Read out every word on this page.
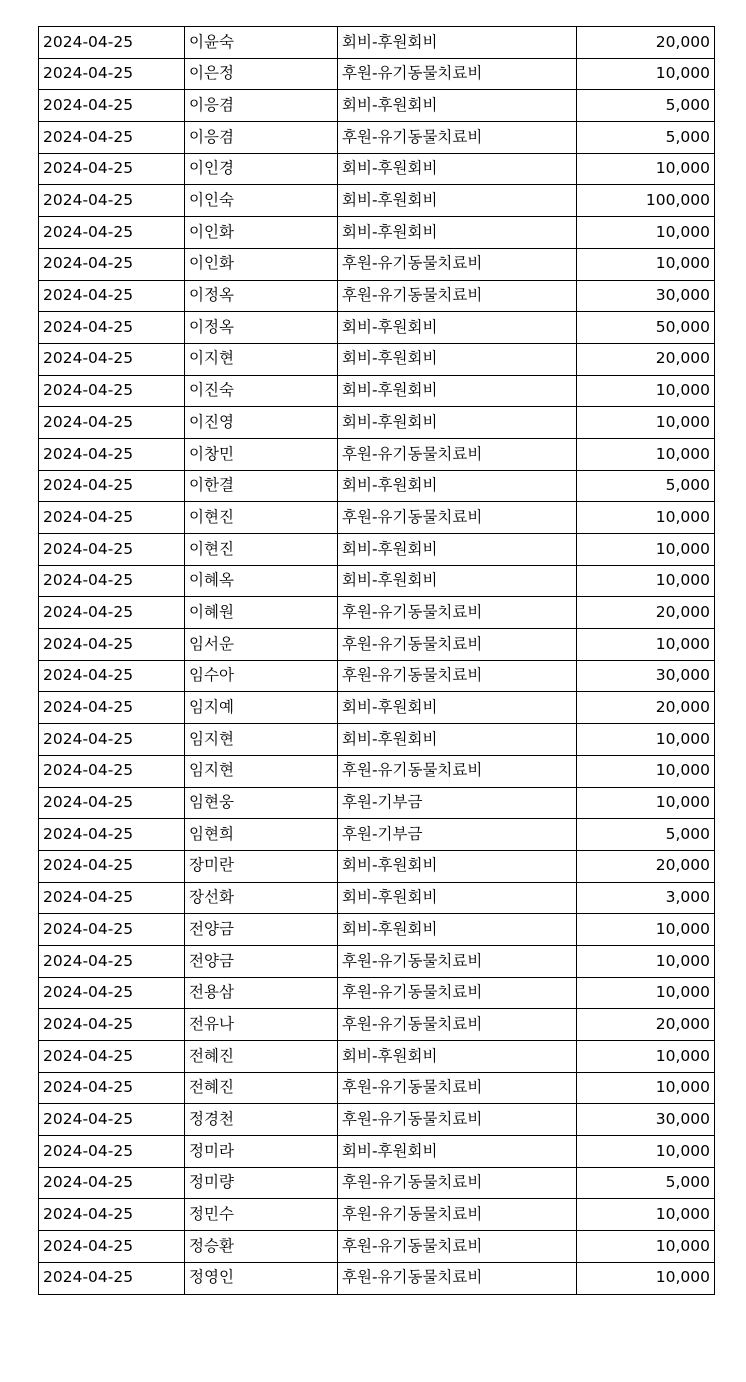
2024-04-25	이윤숙	회비-후원회비	20,000
2024-04-25	이은정	후원-유기동물치료비	10,000
2024-04-25	이응겸	회비-후원회비	5,000
2024-04-25	이응겸	후원-유기동물치료비	5,000
2024-04-25	이인경	회비-후원회비	10,000
2024-04-25	이인숙	회비-후원회비	100,000
2024-04-25	이인화	회비-후원회비	10,000
2024-04-25	이인화	후원-유기동물치료비	10,000
2024-04-25	이정옥	후원-유기동물치료비	30,000
2024-04-25	이정옥	회비-후원회비	50,000
2024-04-25	이지현	회비-후원회비	20,000
2024-04-25	이진숙	회비-후원회비	10,000
2024-04-25	이진영	회비-후원회비	10,000
2024-04-25	이창민	후원-유기동물치료비	10,000
2024-04-25	이한결	회비-후원회비	5,000
2024-04-25	이현진	후원-유기동물치료비	10,000
2024-04-25	이현진	회비-후원회비	10,000
2024-04-25	이혜옥	회비-후원회비	10,000
2024-04-25	이혜원	후원-유기동물치료비	20,000
2024-04-25	임서운	후원-유기동물치료비	10,000
2024-04-25	임수아	후원-유기동물치료비	30,000
2024-04-25	임지예	회비-후원회비	20,000
2024-04-25	임지현	회비-후원회비	10,000
2024-04-25	임지현	후원-유기동물치료비	10,000
2024-04-25	임현웅	후원-기부금	10,000
2024-04-25	임현희	후원-기부금	5,000
2024-04-25	장미란	회비-후원회비	20,000
2024-04-25	장선화	회비-후원회비	3,000
2024-04-25	전양금	회비-후원회비	10,000
2024-04-25	전양금	후원-유기동물치료비	10,000
2024-04-25	전용삼	후원-유기동물치료비	10,000
2024-04-25	전유나	후원-유기동물치료비	20,000
2024-04-25	전혜진	회비-후원회비	10,000
2024-04-25	전혜진	후원-유기동물치료비	10,000
2024-04-25	정경천	후원-유기동물치료비	30,000
2024-04-25	정미라	회비-후원회비	10,000
2024-04-25	정미량	후원-유기동물치료비	5,000
2024-04-25	정민수	후원-유기동물치료비	10,000
2024-04-25	정승환	후원-유기동물치료비	10,000
2024-04-25	정영인	후원-유기동물치료비	10,000
